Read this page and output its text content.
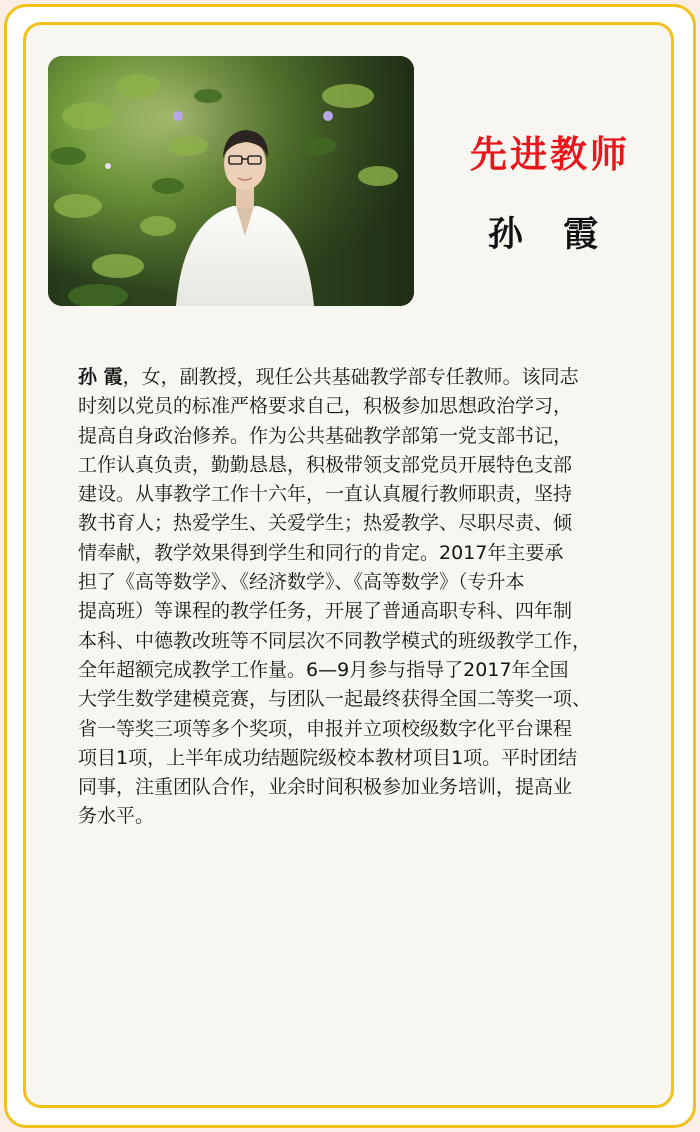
先进教师
孙 霞
孙 霞，女，副教授，现任公共基础教学部专任教师。该同志
时刻以党员的标准严格要求自己，积极参加思想政治学习，
提高自身政治修养。作为公共基础教学部第一党支部书记，
工作认真负责，勤勤恳恳，积极带领支部党员开展特色支部
建设。从事教学工作十六年，一直认真履行教师职责，坚持
教书育人；热爱学生、关爱学生；热爱教学、尽职尽责、倾
情奉献，教学效果得到学生和同行的肯定。2017年主要承
担了《高等数学》、《经济数学》、《高等数学》（专升本
提高班）等课程的教学任务，开展了普通高职专科、四年制
本科、中德教改班等不同层次不同教学模式的班级教学工作，
全年超额完成教学工作量。6—9月参与指导了2017年全国
大学生数学建模竞赛，与团队一起最终获得全国二等奖一项、
省一等奖三项等多个奖项，申报并立项校级数字化平台课程
项目1项，上半年成功结题院级校本教材项目1项。平时团结
同事，注重团队合作，业余时间积极参加业务培训，提高业
务水平。
